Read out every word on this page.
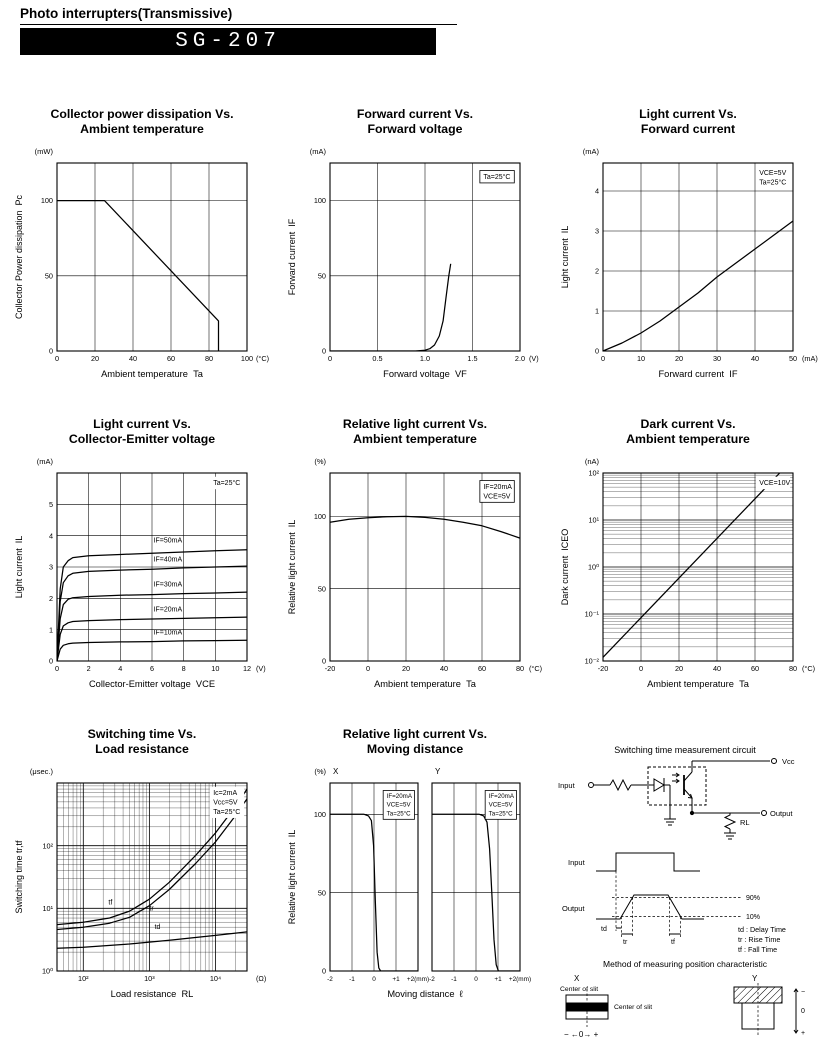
Photo interrupters(Transmissive)
SG-207
Collector power dissipation Vs.
Ambient temperature
0	20	40	60	80	100 (°C)
0
50
100
(mW)
Collector Power dissipation  Pc
Ambient temperature  Ta
Forward current Vs.
Forward voltage
0	0.5	1.0	1.5	2.0 (V)
0
50
100
Ta=25°C
(mA)
Forward current  IF
Forward voltage  VF
Light current Vs.
Forward current
0	10	20	30	40	50 (mA)
0
1
2
3
4
VCE=5V
Ta=25°C
(mA)
Light current  IL
Forward current  IF
Light current Vs.
Collector-Emitter voltage
IF=50mA
IF=40mA
IF=30mA
IF=20mA
IF=10mA
0	2	4	6	8	10	12 (V)
0
1
2
3
4
5
Ta=25°C
(mA)
Light current  IL
Collector-Emitter voltage  VCE
Relative light current Vs.
Ambient temperature
-20	0	20	40	60	80 (°C)
0
50
100
IF=20mA
VCE=5V
(%)
Relative light current  IL
Ambient temperature  Ta
Dark current Vs.
Ambient temperature
-20	0	20	40	60	80 (°C)
10²
10¹
10⁰
10⁻¹
10⁻²
VCE=10V
(nA)
Dark current  ICEO
Ambient temperature  Ta
Switching time Vs.
Load resistance
tf
tr
td
10²	10³	10⁴	(Ω)
10²
10¹
10⁰
Ic=2mA
Vcc=5V
Ta=25°C
(μsec.)
Switching time tr,tf
Load resistance  RL
Relative light current Vs.
Moving distance
-2	-1	0	+1 +2(mm)
0
50
100
IF=20mA
VCE=5V
Ta=25°C
X
-2	-1	0	+1 +2(mm)
IF=20mA
VCE=5V
Ta=25°C
Y
(%)
Relative light current  IL
Moving distance  ℓ
Switching time measurement circuit
Input
Vcc
Output
RL
Input
Output
90%
10%
td
tr	tf
td : Delay Time
tr : Rise Time
tf : Fall Time
Method of measuring position characteristic
X
Center of slit
Center of slit
− ←0→ +
Y
−
0
+
